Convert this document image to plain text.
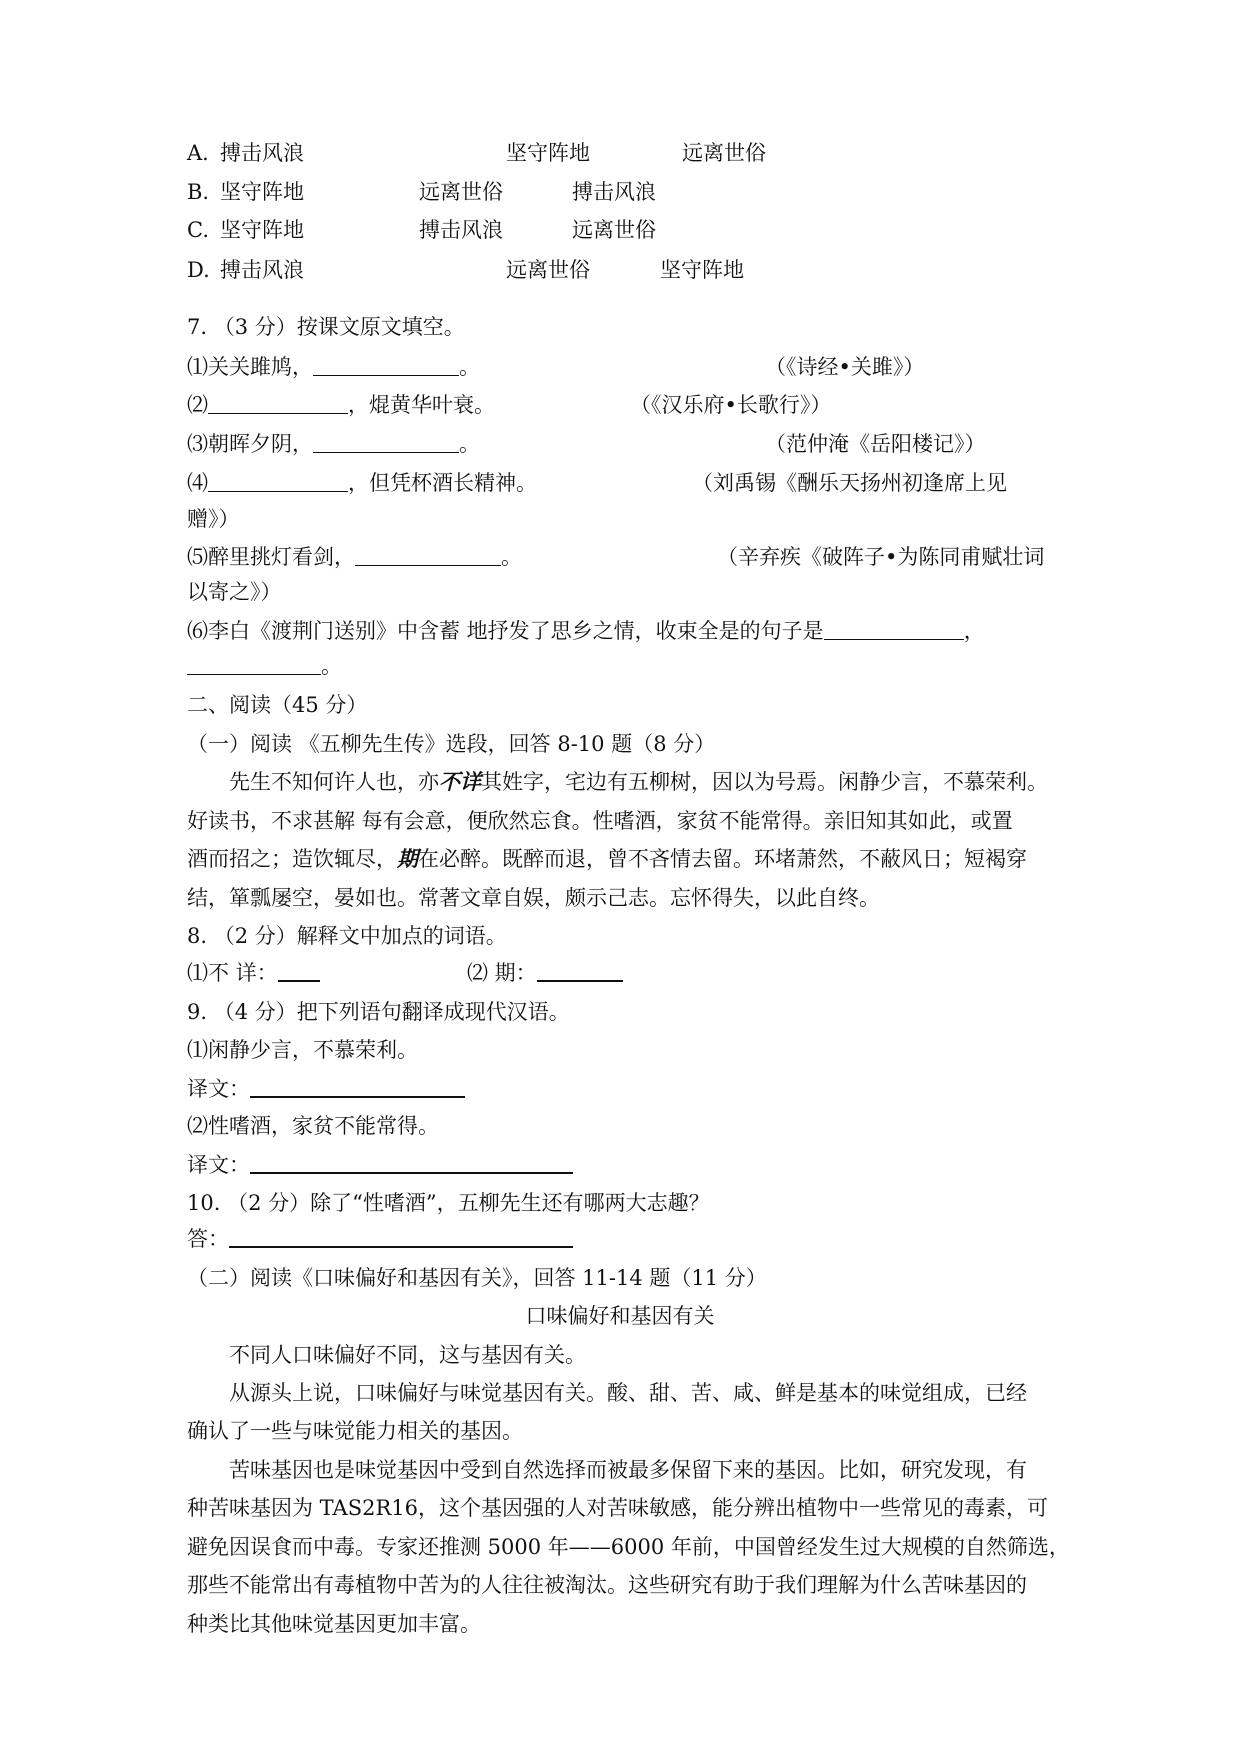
A. 搏击风浪	坚守阵地	远离世俗
B. 坚守阵地	远离世俗	搏击风浪
C. 坚守阵地	搏击风浪	远离世俗
D. 搏击风浪	远离世俗	坚守阵地
7. （3 分）按课文原文填空。
⑴关关雎鸠，	。	（《诗经•关雎》）
⑵	，焜黄华叶衰。	（《汉乐府•长歌行》）
⑶朝晖夕阴，	。	（范仲淹《岳阳楼记》）
⑷	，但凭杯酒长精神。	（刘禹锡《酬乐天扬州初逢席上见
赠》）
⑸醉里挑灯看剑，	。	（辛弃疾《破阵子•为陈同甫赋壮词
以寄之》）
⑹李白《渡荆门送别》中含蓄 地抒发了思乡之情，收束全是的句子是	，
。
二、阅读（45 分）
（一）阅读 《五柳先生传》选段，回答 8-10 题（8 分）
先生不知何许人也，亦不详其姓字，宅边有五柳树，因以为号焉。闲静少言，不慕荣利。
好读书，不求甚解 每有会意，便欣然忘食。性嗜酒，家贫不能常得。亲旧知其如此，或置
酒而招之；造饮辄尽，期在必醉。既醉而退，曾不吝情去留。环堵萧然，不蔽风日；短褐穿
结，箪瓢屡空，晏如也。常著文章自娱，颇示己志。忘怀得失，以此自终。
8. （2 分）解释文中加点的词语。
⑴不 详：	⑵ 期：
9. （4 分）把下列语句翻译成现代汉语。
⑴闲静少言，不慕荣利。
译文：
⑵性嗜酒，家贫不能常得。
译文：
10. （2 分）除了“性嗜酒”，五柳先生还有哪两大志趣？
答：
（二）阅读《口味偏好和基因有关》，回答 11-14 题（11 分）
口味偏好和基因有关
不同人口味偏好不同，这与基因有关。
从源头上说，口味偏好与味觉基因有关。酸、甜、苦、咸、鲜是基本的味觉组成，已经
确认了一些与味觉能力相关的基因。
苦味基因也是味觉基因中受到自然选择而被最多保留下来的基因。比如，研究发现，有
种苦味基因为 TAS2R16，这个基因强的人对苦味敏感，能分辨出植物中一些常见的毒素，可
避免因误食而中毒。专家还推测 5000 年——6000 年前，中国曾经发生过大规模的自然筛选，
那些不能常出有毒植物中苦为的人往往被淘汰。这些研究有助于我们理解为什么苦味基因的
种类比其他味觉基因更加丰富。
